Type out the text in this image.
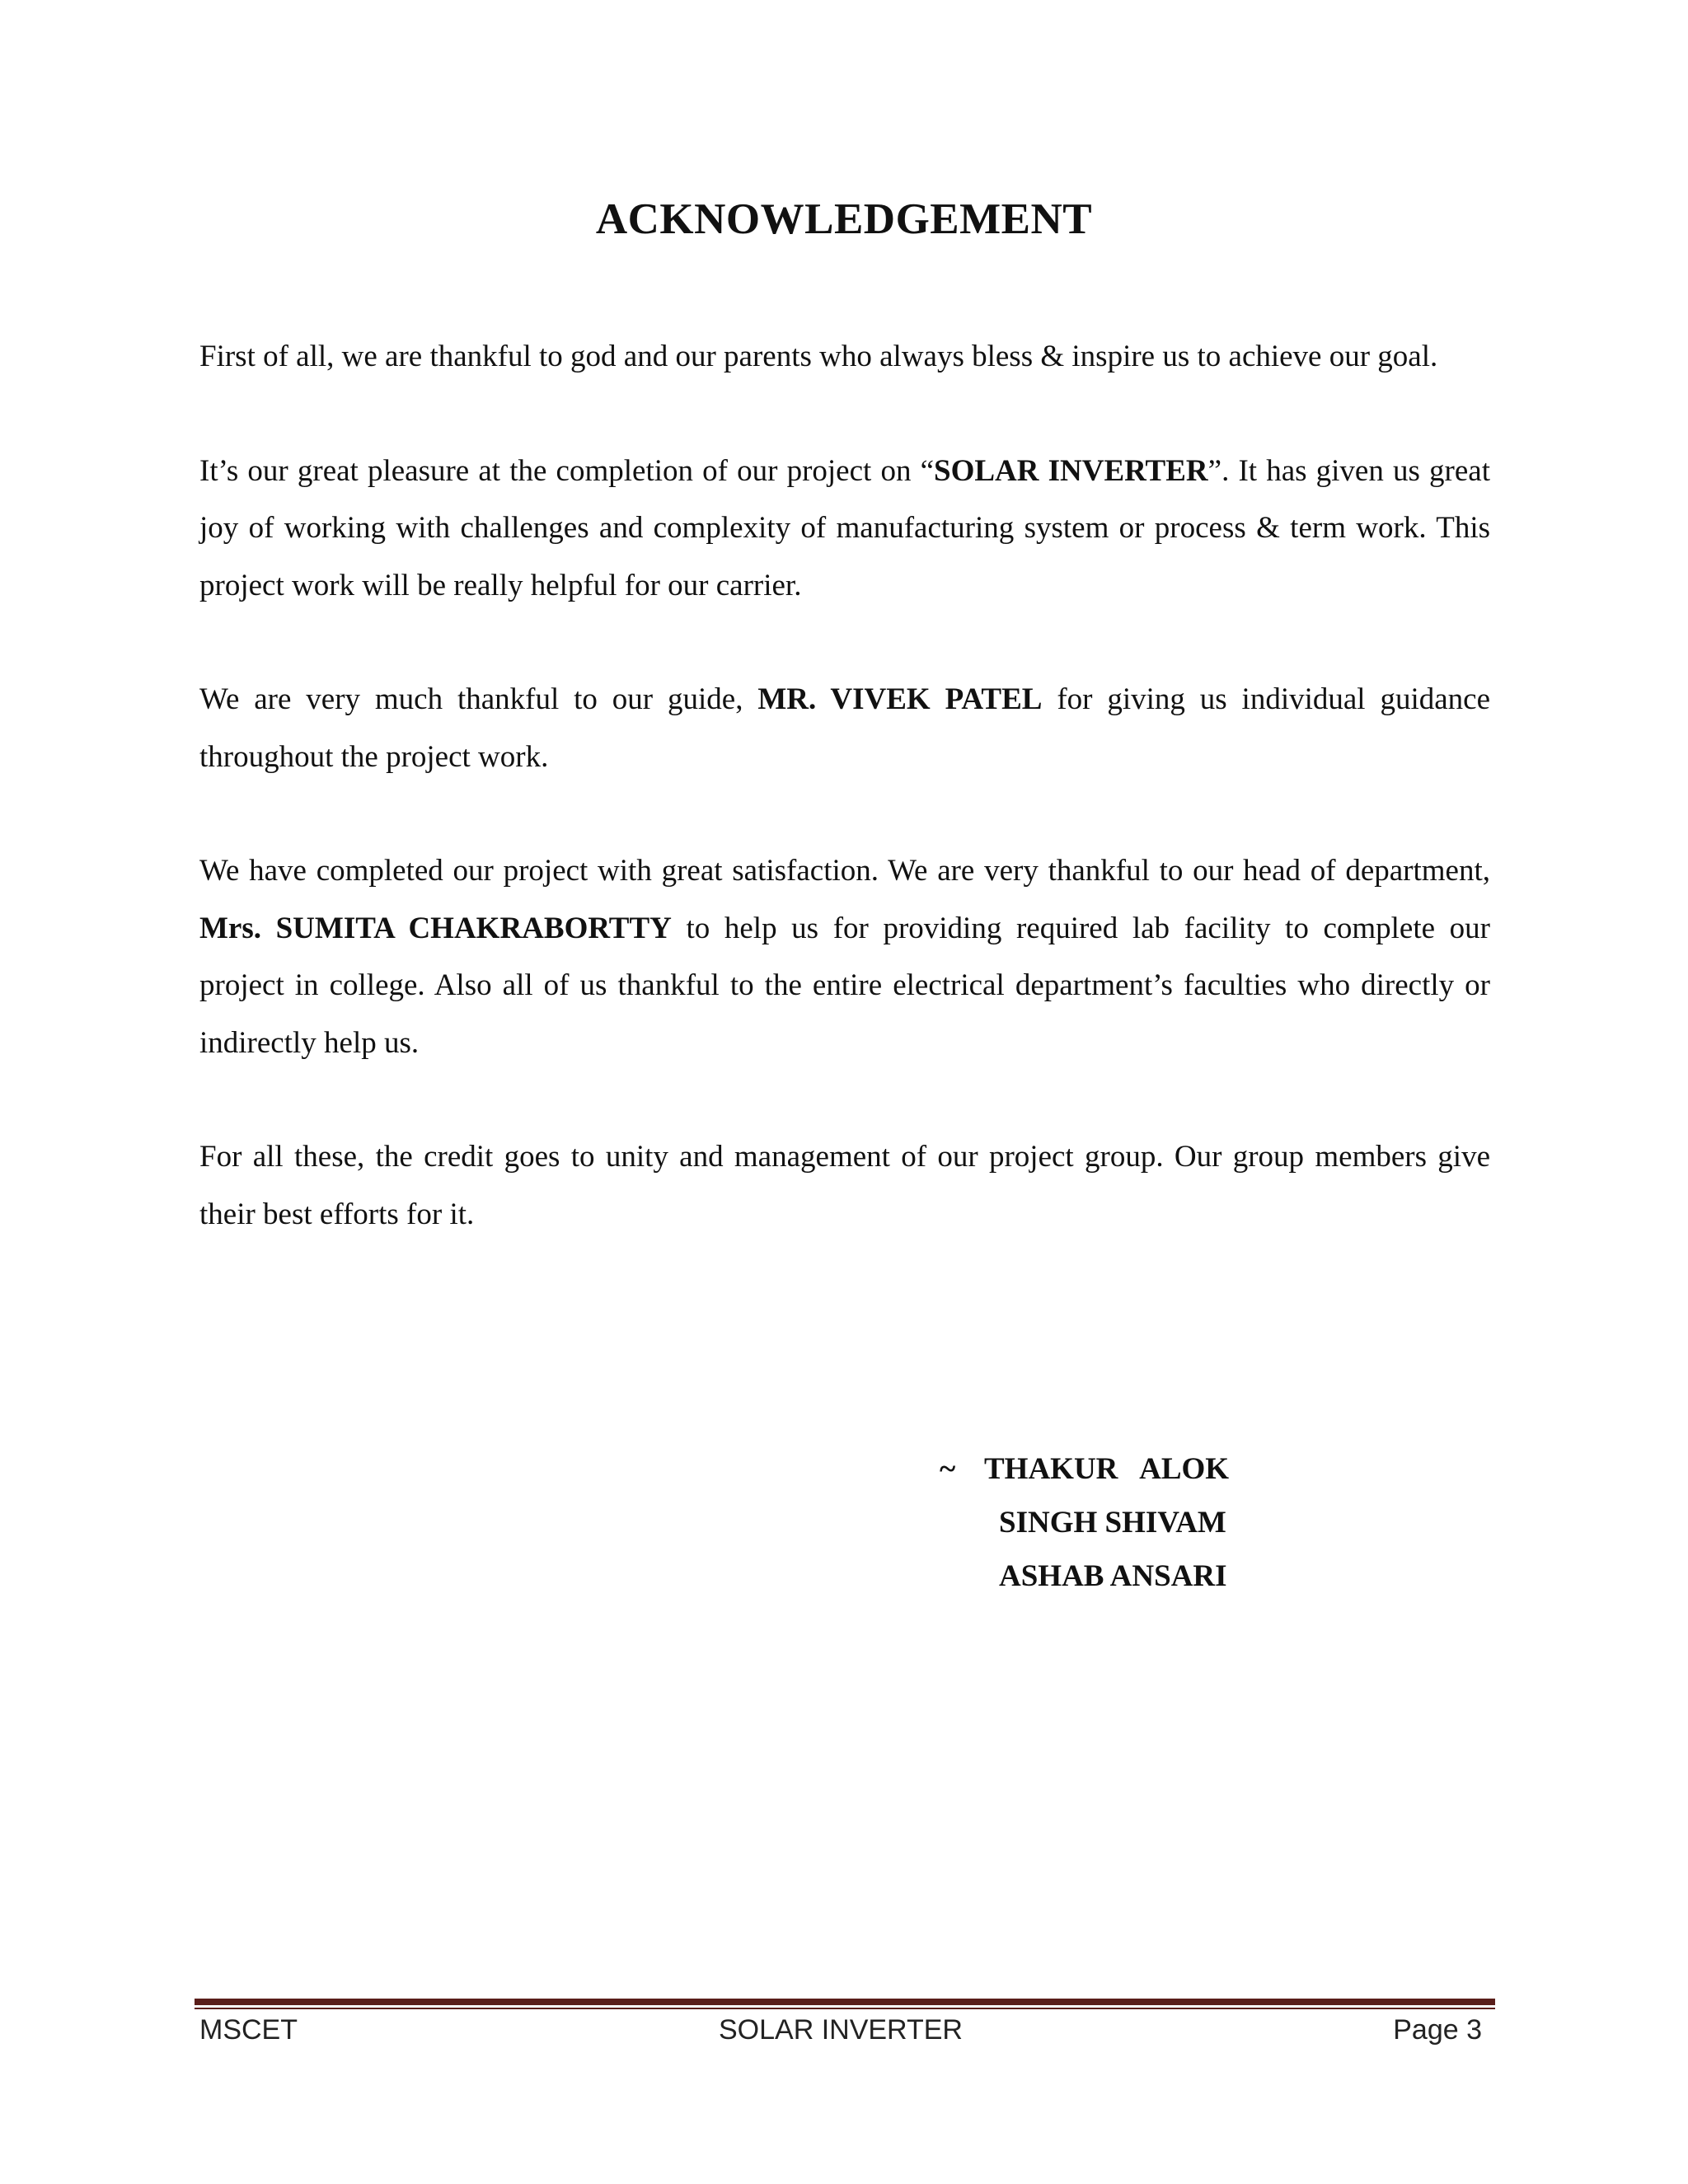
ACKNOWLEDGEMENT

First of all, we are thankful to god and our parents who always bless & inspire us to achieve our goal.

It’s our great pleasure at the completion of our project on “SOLAR INVERTER”. It has given us great joy of working with challenges and complexity of manufacturing system or process & term work. This project work will be really helpful for our carrier.

We are very much thankful to our guide, MR. VIVEK PATEL for giving us individual guidance throughout the project work.

We have completed our project with great satisfaction. We are very thankful to our head of department, Mrs. SUMITA CHAKRABORTTY to help us for providing required lab facility to complete our project in college. Also all of us thankful to the entire electrical department’s faculties who directly or indirectly help us.

For all these, the credit goes to unity and management of our project group. Our group members give their best efforts for it.

~ THAKUR   ALOK
SINGH SHIVAM
ASHAB ANSARI
MSCET	SOLAR INVERTER	Page 3
